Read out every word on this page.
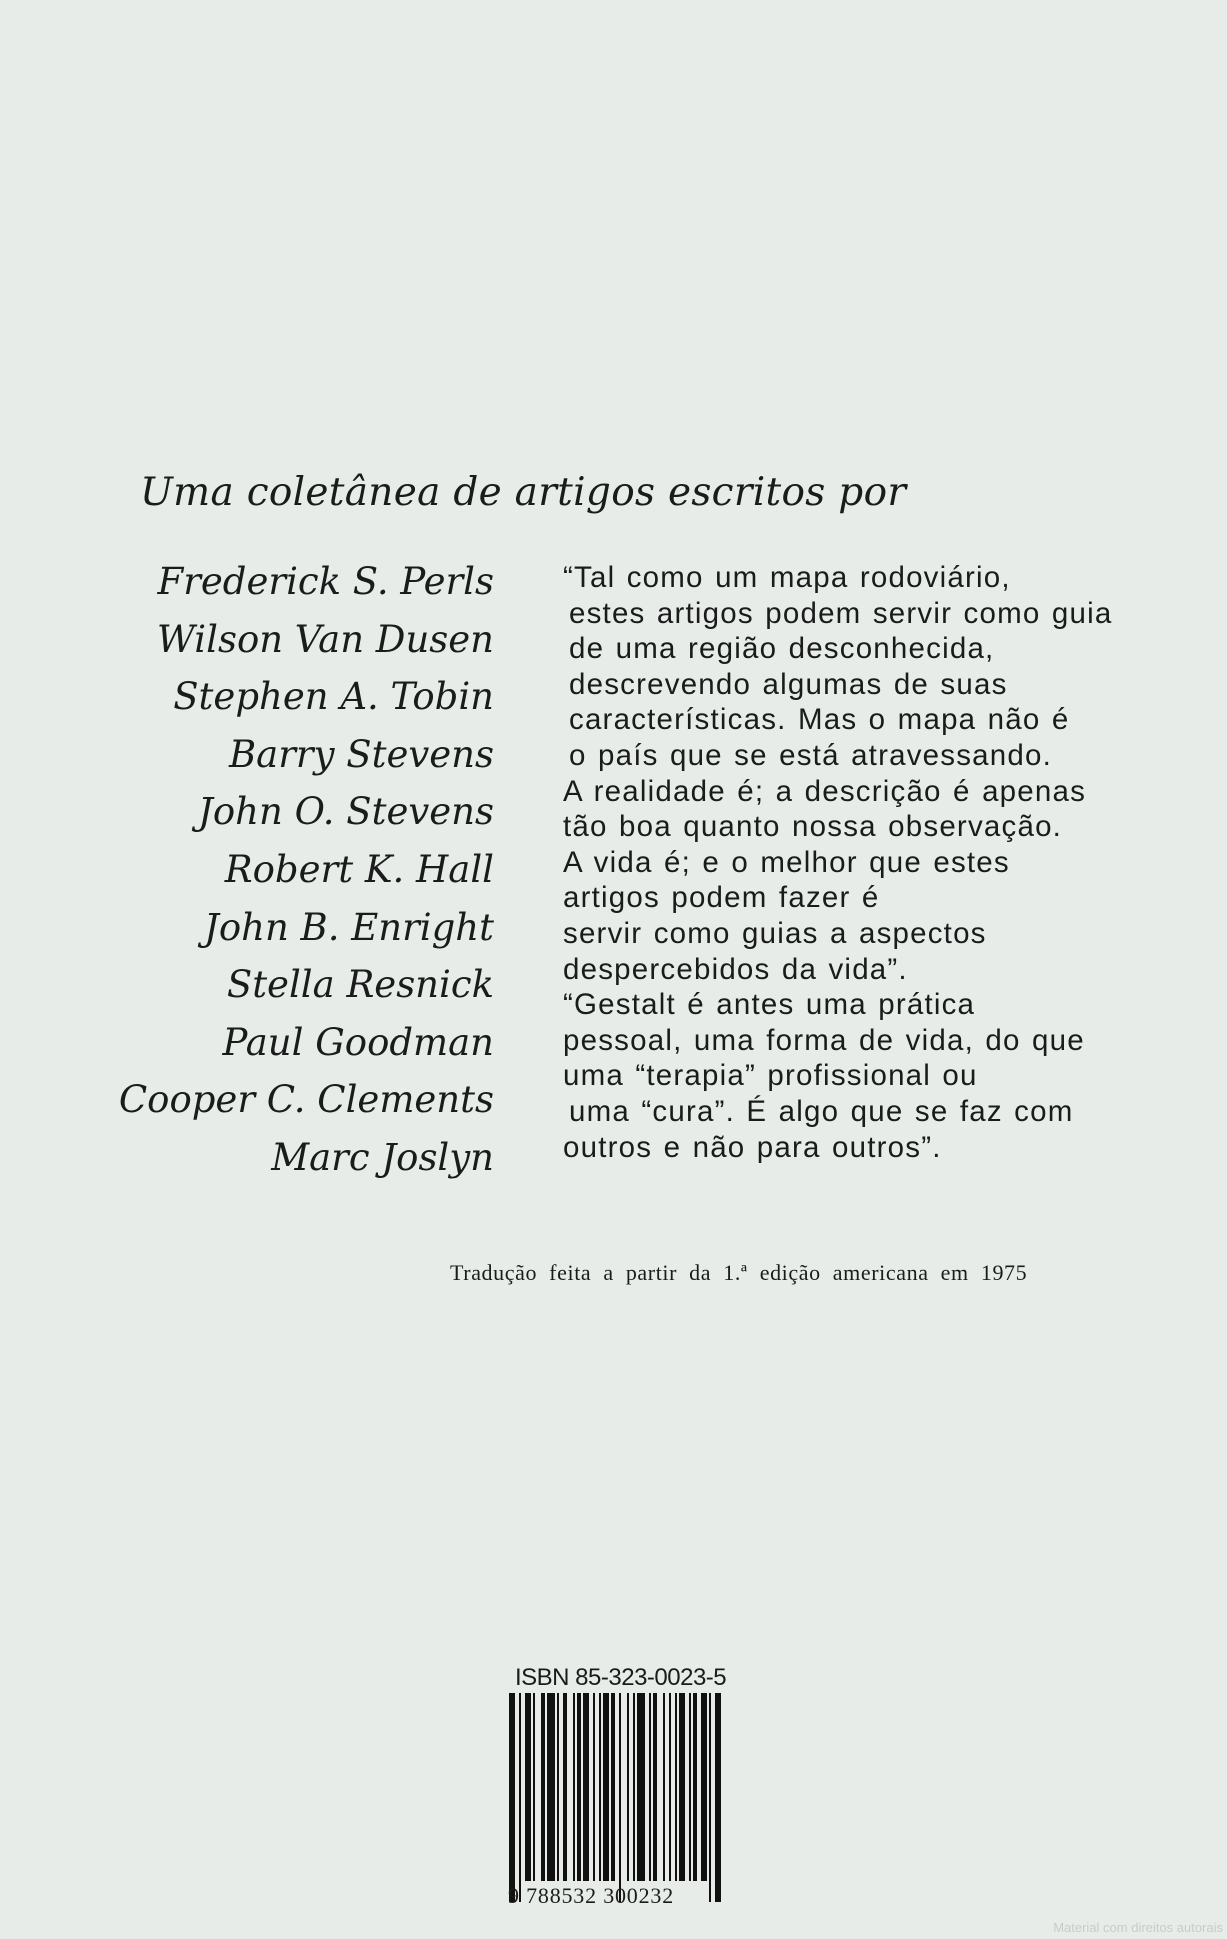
Uma coletânea de artigos escritos por
Frederick S. Perls
Wilson Van Dusen
Stephen A. Tobin
Barry Stevens
John O. Stevens
Robert K. Hall
John B. Enright
Stella Resnick
Paul Goodman
Cooper C. Clements
Marc Joslyn
“Tal como um mapa rodoviário,
estes artigos podem servir como guia
de uma região desconhecida,
descrevendo algumas de suas
características. Mas o mapa não é
o país que se está atravessando.
A realidade é; a descrição é apenas
tão boa quanto nossa observação.
A vida é; e o melhor que estes
artigos podem fazer é
servir como guias a aspectos
despercebidos da vida”.
“Gestalt é antes uma prática
pessoal, uma forma de vida, do que
uma “terapia” profissional ou
uma “cura”. É algo que se faz com
outros e não para outros”.
Tradução feita a partir da 1.ª edição americana em 1975
ISBN 85-323-0023-5
9 788532 300232
Material com direitos autorais
